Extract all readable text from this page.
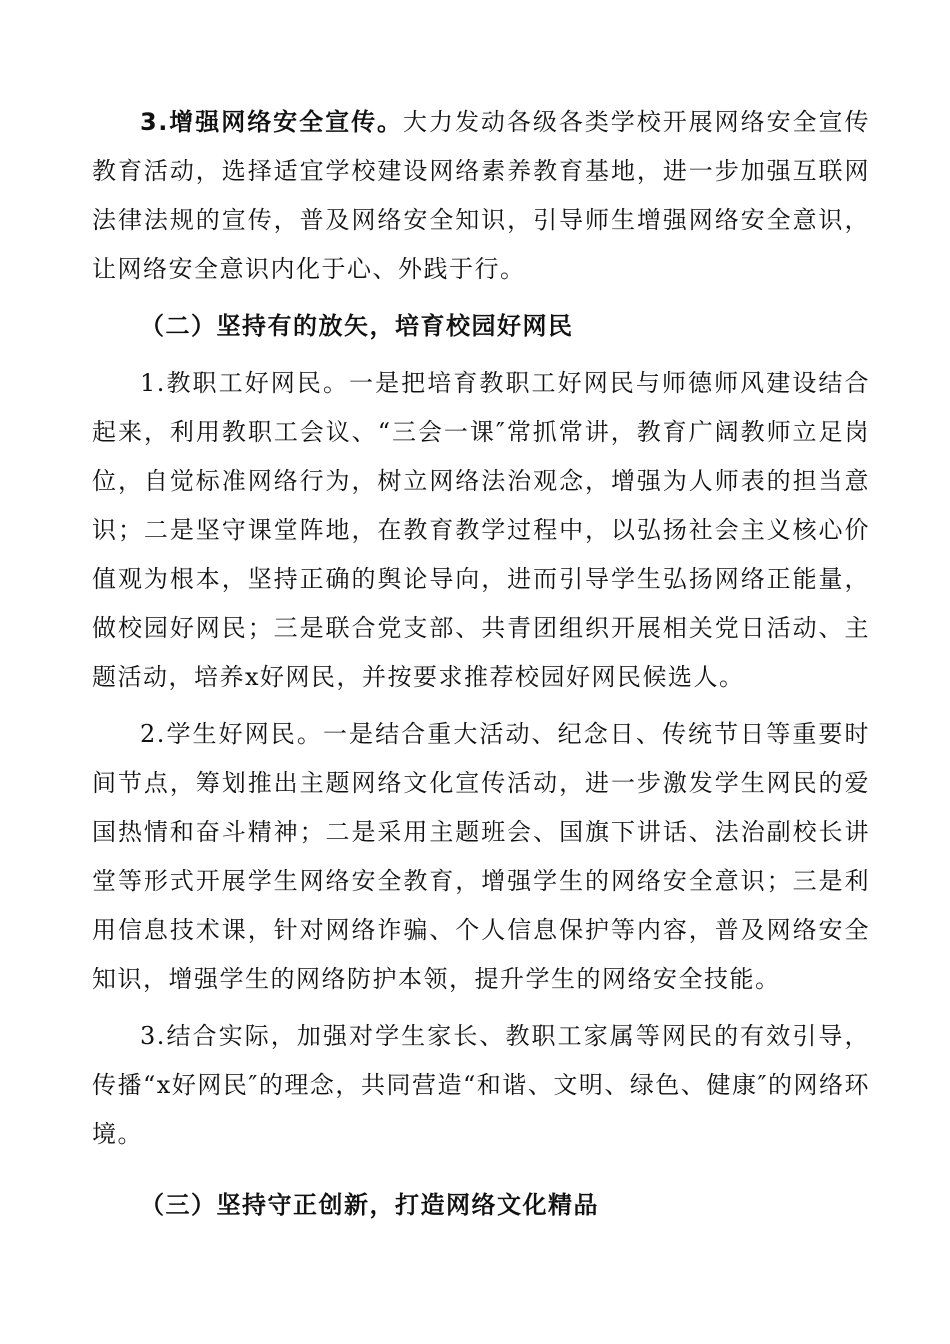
3.增强网络安全宣传。大力发动各级各类学校开展网络安全宣传教育活动，选择适宜学校建设网络素养教育基地，进一步加强互联网法律法规的宣传，普及网络安全知识，引导师生增强网络安全意识，让网络安全意识内化于心、外践于行。

（二）坚持有的放矢，培育校园好网民

1.教职工好网民。一是把培育教职工好网民与师德师风建设结合起来，利用教职工会议、“三会一课″常抓常讲，教育广阔教师立足岗位，自觉标准网络行为，树立网络法治观念，增强为人师表的担当意识；二是坚守课堂阵地，在教育教学过程中，以弘扬社会主义核心价值观为根本，坚持正确的舆论导向，进而引导学生弘扬网络正能量，做校园好网民；三是联合党支部、共青团组织开展相关党日活动、主题活动，培养x好网民，并按要求推荐校园好网民候选人。

2.学生好网民。一是结合重大活动、纪念日、传统节日等重要时间节点，筹划推出主题网络文化宣传活动，进一步激发学生网民的爱国热情和奋斗精神；二是采用主题班会、国旗下讲话、法治副校长讲堂等形式开展学生网络安全教育，增强学生的网络安全意识；三是利用信息技术课，针对网络诈骗、个人信息保护等内容，普及网络安全知识，增强学生的网络防护本领，提升学生的网络安全技能。

3.结合实际，加强对学生家长、教职工家属等网民的有效引导，传播“x好网民″的理念，共同营造“和谐、文明、绿色、健康″的网络环境。

（三）坚持守正创新，打造网络文化精品
